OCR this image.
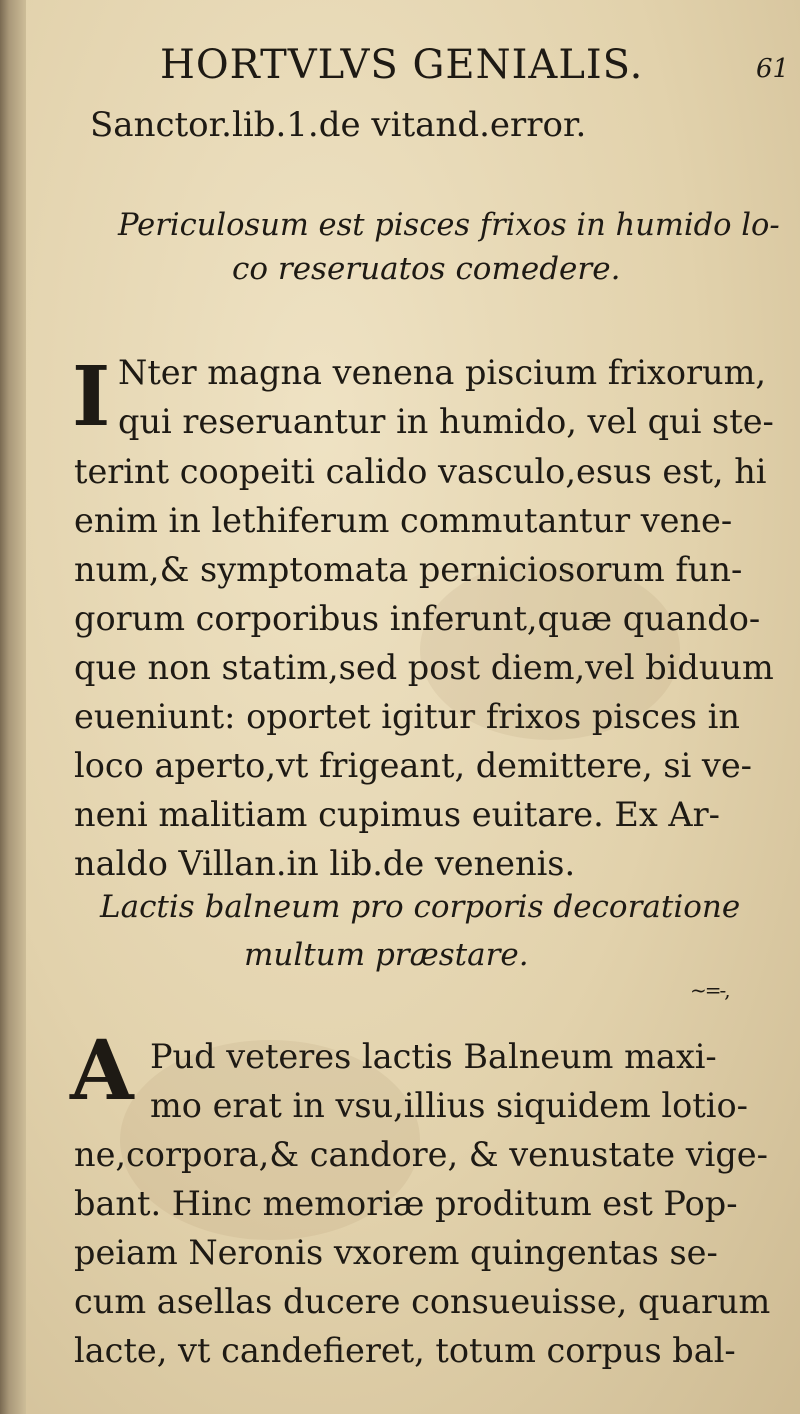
HORTVLVS GENIALIS.	61
Sanctor.lib.1.de vitand.error.
Periculosum est pisces frixos in humido lo-
co reseruatos comedere.
I Nter magna venena piscium frixorum,
qui reseruantur in humido, vel qui ste-
terint coopeiti calido vasculo,esus est, hi
enim in lethiferum commutantur vene-
num,& symptomata perniciosorum fun-
gorum corporibus inferunt,quæ quando-
que non statim,sed post diem,vel biduum
eueniunt: oportet igitur frixos pisces in
loco aperto,vt frigeant, demittere, si ve-
neni malitiam cupimus euitare. Ex Ar-
naldo Villan.in lib.de venenis.
Lactis balneum pro corporis decoratione
multum præstare.
~=-,
A Pud veteres lactis Balneum maxi-
mo erat in vsu,illius siquidem lotio-
ne,corpora,& candore, & venustate vige-
bant. Hinc memoriæ proditum est Pop-
peiam Neronis vxorem quingentas se-
cum asellas ducere consueuisse, quarum
lacte, vt candefieret, totum corpus bal-
